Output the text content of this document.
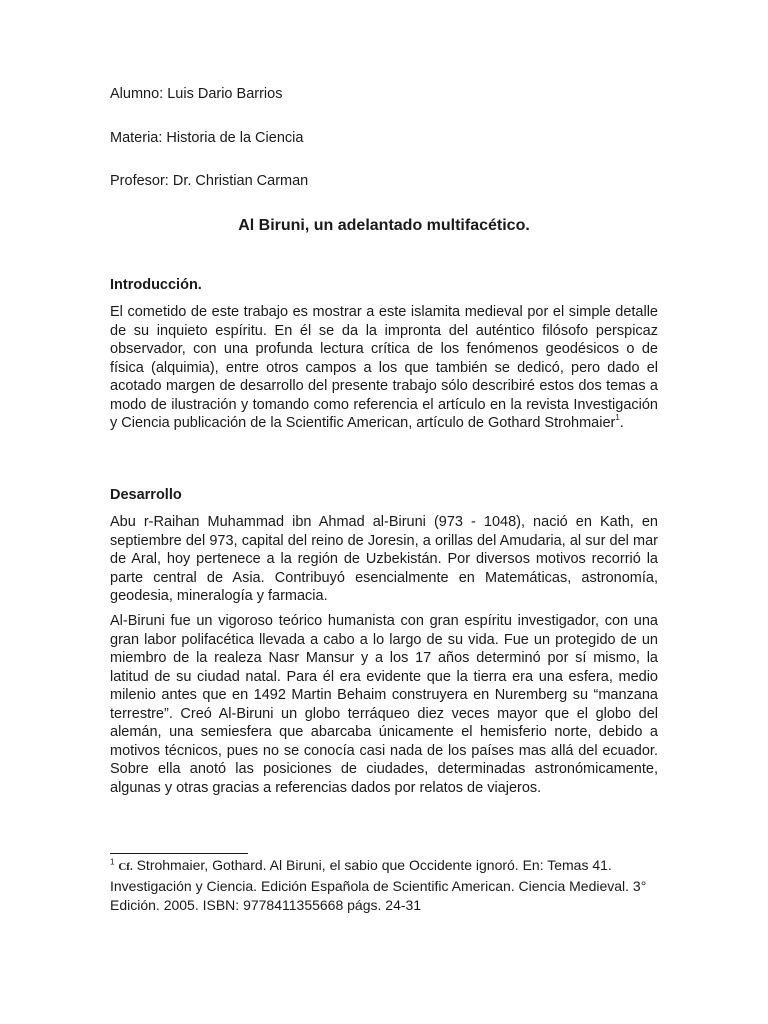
Alumno: Luis Dario Barrios
Materia: Historia de la Ciencia
Profesor: Dr. Christian Carman
Al Biruni, un adelantado multifacético.
Introducción.

El cometido de este trabajo es mostrar a este islamita medieval por el simple detalle de su inquieto espíritu. En él se da la impronta del auténtico filósofo perspicaz observador, con una profunda lectura crítica de los fenómenos geodésicos o de física (alquimia), entre otros campos a los que también se dedicó, pero dado el acotado margen de desarrollo del presente trabajo sólo describiré estos dos temas a modo de ilustración y tomando como referencia el artículo en la revista Investigación y Ciencia publicación de la Scientific American, artículo de Gothard Strohmaier$^1$.

Desarrollo

Abu r-Raihan Muhammad ibn Ahmad al-Biruni (973 - 1048), nació en Kath, en septiembre del 973, capital del reino de Joresin, a orillas del Amudaria, al sur del mar de Aral, hoy pertenece a la región de Uzbekistán. Por diversos motivos recorrió la parte central de Asia. Contribuyó esencialmente en Matemáticas, astronomía, geodesia, mineralogía y farmacia.

Al-Biruni fue un vigoroso teórico humanista con gran espíritu investigador, con una gran labor polifacética llevada a cabo a lo largo de su vida. Fue un protegido de un miembro de la realeza Nasr Mansur y a los 17 años determinó por sí mismo, la latitud de su ciudad natal. Para él era evidente que la tierra era una esfera, medio milenio antes que en 1492 Martin Behaim construyera en Nuremberg su “manzana terrestre”. Creó Al-Biruni un globo terráqueo diez veces mayor que el globo del alemán, una semiesfera que abarcaba únicamente el hemisferio norte, debido a motivos técnicos, pues no se conocía casi nada de los países mas allá del ecuador. Sobre ella anotó las posiciones de ciudades, determinadas astronómicamente, algunas y otras gracias a referencias dados por relatos de viajeros.

$^1$ Cf. Strohmaier, Gothard. Al Biruni, el sabio que Occidente ignoró. En: Temas 41. Investigación y Ciencia. Edición Española de Scientific American. Ciencia Medieval. 3° Edición. 2005. ISBN: 9778411355668 págs. 24-31
